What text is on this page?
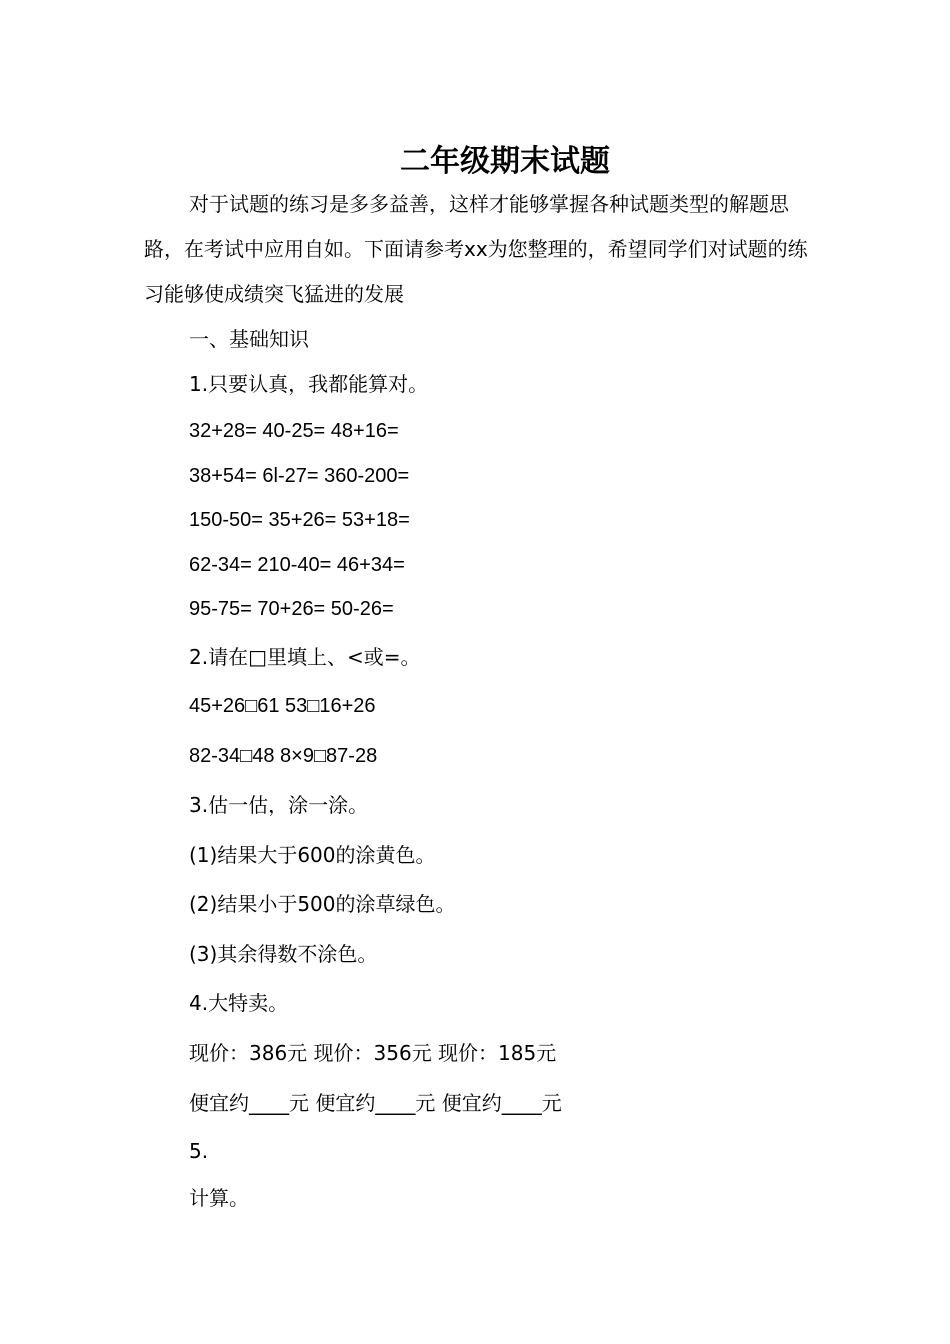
二年级期末试题

对于试题的练习是多多益善，这样才能够掌握各种试题类型的解题思路，在考试中应用自如。下面请参考xx为您整理的，希望同学们对试题的练习能够使成绩突飞猛进的发展

一、基础知识

1.只要认真，我都能算对。

32+28= 40-25= 48+16=

38+54= 6l-27= 360-200=

150-50= 35+26= 53+18=

62-34= 210-40= 46+34=

95-75= 70+26= 50-26=

2.请在□里填上、<或=。

45+26□61 53□16+26

82-34□48 8×9□87-28

3.估一估，涂一涂。

(1)结果大于600的涂黄色。

(2)结果小于500的涂草绿色。

(3)其余得数不涂色。

4.大特卖。

现价：386元 现价：356元 现价：185元

便宜约____元 便宜约____元 便宜约____元

5.

计算。
